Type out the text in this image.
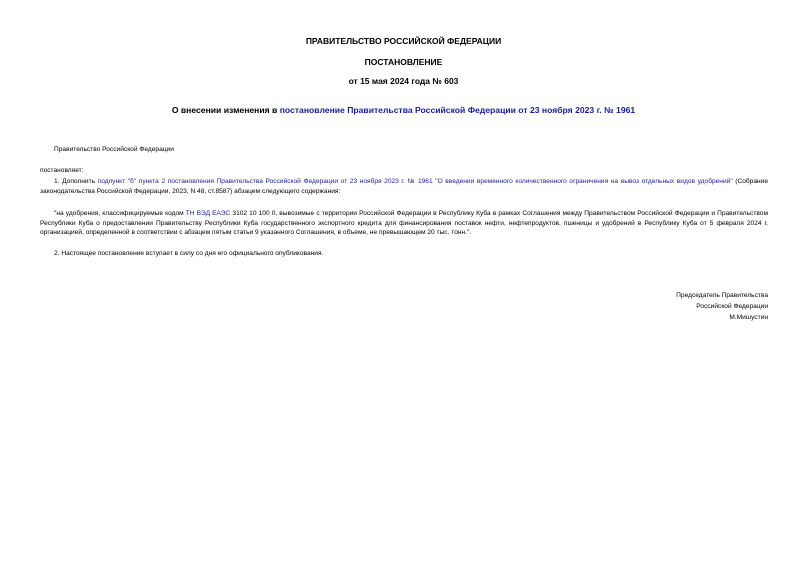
ПРАВИТЕЛЬСТВО РОССИЙСКОЙ ФЕДЕРАЦИИ
ПОСТАНОВЛЕНИЕ
от 15 мая 2024 года № 603
О внесении изменения в постановление Правительства Российской Федерации от 23 ноября 2023 г. № 1961
Правительство Российской Федерации
постановляет:
1. Дополнить подпункт "б" пункта 2 постановления Правительства Российской Федерации от 23 ноября 2023 г. № 1961 "О введении временного количественного ограничения на вывоз отдельных видов удобрений" (Собрание законодательства Российской Федерации, 2023, N 48, ст.8587) абзацем следующего содержания:
"на удобрения, классифицируемые кодом ТН ВЭД ЕАЭС 3102 10 100 0, вывозимые с территории Российской Федерации в Республику Куба в рамках Соглашения между Правительством Российской Федерации и Правительством Республики Куба о предоставлении Правительству Республики Куба государственного экспортного кредита для финансирования поставок нефти, нефтепродуктов, пшеницы и удобрений в Республику Куба от 5 февраля 2024 г. организацией, определенной в соответствии с абзацем пятым статьи 9 указанного Соглашения, в объеме, не превышающем 20 тыс. тонн.".
2. Настоящее постановление вступает в силу со дня его официального опубликования.
Председатель Правительства
Российской Федерации
М.Мишустин
